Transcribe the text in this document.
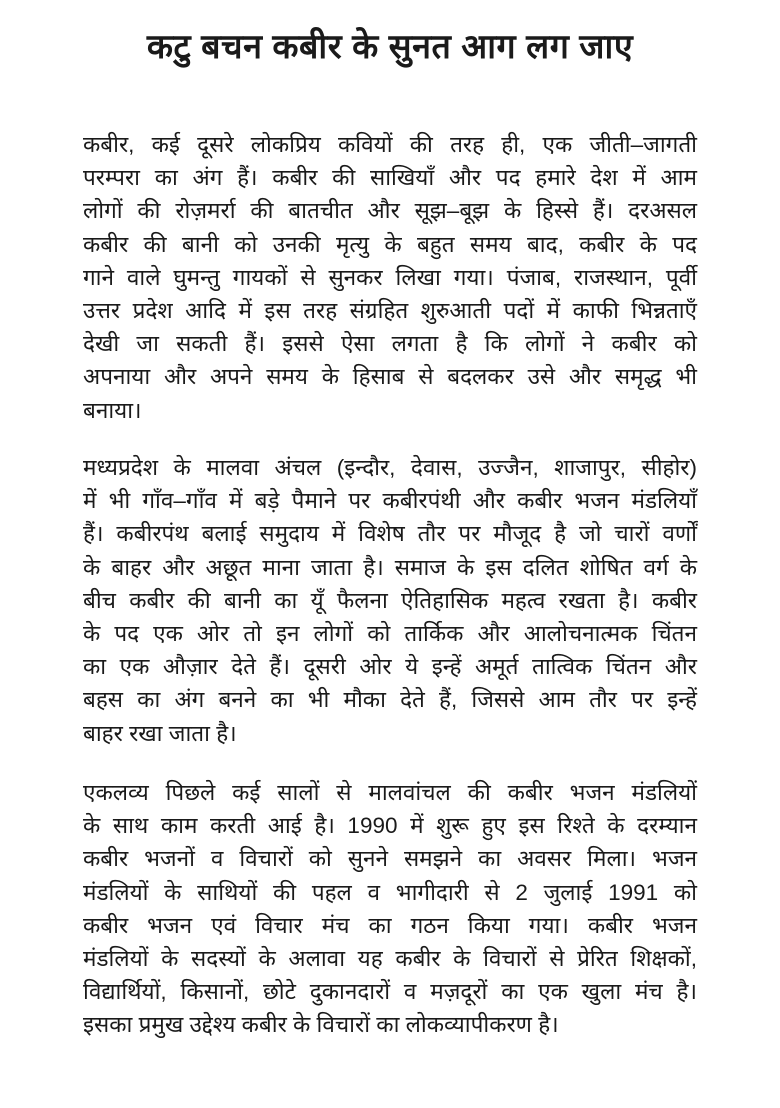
कटु बचन कबीर के सुनत आग लग जाए
कबीर, कई दूसरे लोकप्रिय कवियों की तरह ही, एक जीती–जागती
परम्परा का अंग हैं। कबीर की साखियाँ और पद हमारे देश में आम
लोगों की रोज़मर्रा की बातचीत और सूझ–बूझ के हिस्से हैं। दरअसल
कबीर की बानी को उनकी मृत्यु के बहुत समय बाद, कबीर के पद
गाने वाले घुमन्तु गायकों से सुनकर लिखा गया। पंजाब, राजस्थान, पूर्वी
उत्तर प्रदेश आदि में इस तरह संग्रहित शुरुआती पदों में काफी भिन्नताएँ
देखी जा सकती हैं। इससे ऐसा लगता है कि लोगों ने कबीर को
अपनाया और अपने समय के हिसाब से बदलकर उसे और समृद्ध भी
बनाया।
मध्यप्रदेश के मालवा अंचल (इन्दौर, देवास, उज्जैन, शाजापुर, सीहोर)
में भी गाँव–गाँव में बड़े पैमाने पर कबीरपंथी और कबीर भजन मंडलियाँ
हैं। कबीरपंथ बलाई समुदाय में विशेष तौर पर मौजूद है जो चारों वर्णों
के बाहर और अछूत माना जाता है। समाज के इस दलित शोषित वर्ग के
बीच कबीर की बानी का यूँ फैलना ऐतिहासिक महत्व रखता है। कबीर
के पद एक ओर तो इन लोगों को तार्किक और आलोचनात्मक चिंतन
का एक औज़ार देते हैं। दूसरी ओर ये इन्हें अमूर्त तात्विक चिंतन और
बहस का अंग बनने का भी मौका देते हैं, जिससे आम तौर पर इन्हें
बाहर रखा जाता है।
एकलव्य पिछले कई सालों से मालवांचल की कबीर भजन मंडलियों
के साथ काम करती आई है। 1990 में शुरू हुए इस रिश्ते के दरम्यान
कबीर भजनों व विचारों को सुनने समझने का अवसर मिला। भजन
मंडलियों के साथियों की पहल व भागीदारी से 2 जुलाई 1991 को
कबीर भजन एवं विचार मंच का गठन किया गया। कबीर भजन
मंडलियों के सदस्यों के अलावा यह कबीर के विचारों से प्रेरित शिक्षकों,
विद्यार्थियों, किसानों, छोटे दुकानदारों व मज़दूरों का एक खुला मंच है।
इसका प्रमुख उद्देश्य कबीर के विचारों का लोकव्यापीकरण है।
